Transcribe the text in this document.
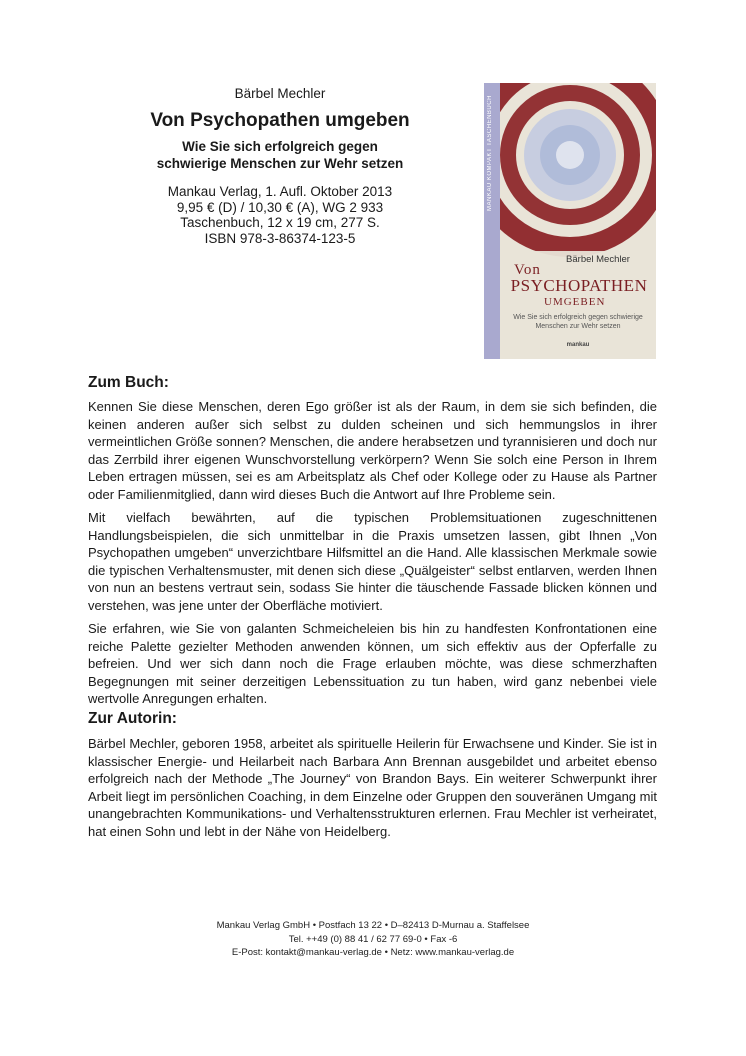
Bärbel Mechler
Von Psychopathen umgeben
Wie Sie sich erfolgreich gegen
schwierige Menschen zur Wehr setzen
Mankau Verlag, 1. Aufl. Oktober 2013
9,95 € (D) / 10,30 € (A), WG 2 933
Taschenbuch, 12 x 19 cm, 277 S.
ISBN 978-3-86374-123-5
MANKAU KOMPAKT TASCHENBUCH
Bärbel Mechler
Von
PSYCHOPATHEN
UMGEBEN
Wie Sie sich erfolgreich gegen schwierige
Menschen zur Wehr setzen
mankau
Zum Buch:

Kennen Sie diese Menschen, deren Ego größer ist als der Raum, in dem sie sich befinden, die keinen anderen außer sich selbst zu dulden scheinen und sich hemmungslos in ihrer vermeintlichen Größe sonnen? Menschen, die andere herabsetzen und tyrannisieren und doch nur das Zerrbild ihrer eigenen Wunschvorstellung verkörpern? Wenn Sie solch eine Person in Ihrem Leben ertragen müssen, sei es am Arbeitsplatz als Chef oder Kollege oder zu Hause als Partner oder Familienmitglied, dann wird dieses Buch die Antwort auf Ihre Probleme sein.

Mit vielfach bewährten, auf die typischen Problemsituationen zugeschnittenen Handlungsbeispielen, die sich unmittelbar in die Praxis umsetzen lassen, gibt Ihnen „Von Psychopathen umgeben“ unverzichtbare Hilfsmittel an die Hand. Alle klassischen Merkmale sowie die typischen Verhaltensmuster, mit denen sich diese „Quälgeister“ selbst entlarven, werden Ihnen von nun an bestens vertraut sein, sodass Sie hinter die täuschende Fassade blicken können und verstehen, was jene unter der Oberfläche motiviert.

Sie erfahren, wie Sie von galanten Schmeicheleien bis hin zu handfesten Konfrontationen eine reiche Palette gezielter Methoden anwenden können, um sich effektiv aus der Opferfalle zu befreien. Und wer sich dann noch die Frage erlauben möchte, was diese schmerzhaften Begegnungen mit seiner derzeitigen Lebenssituation zu tun haben, wird ganz nebenbei viele wertvolle Anregungen erhalten.

Zur Autorin:

Bärbel Mechler, geboren 1958, arbeitet als spirituelle Heilerin für Erwachsene und Kinder. Sie ist in klassischer Energie- und Heilarbeit nach Barbara Ann Brennan ausgebildet und arbeitet ebenso erfolgreich nach der Methode „The Journey“ von Brandon Bays. Ein weiterer Schwerpunkt ihrer Arbeit liegt im persönlichen Coaching, in dem Einzelne oder Gruppen den souveränen Umgang mit unangebrachten Kommunikations- und Verhaltensstrukturen erlernen. Frau Mechler ist verheiratet, hat einen Sohn und lebt in der Nähe von Heidelberg.

Mankau Verlag GmbH • Postfach 13 22 • D–82413 D-Murnau a. Staffelsee
Tel. ++49 (0) 88 41 / 62 77 69-0 • Fax -6
E-Post: kontakt@mankau-verlag.de • Netz: www.mankau-verlag.de
